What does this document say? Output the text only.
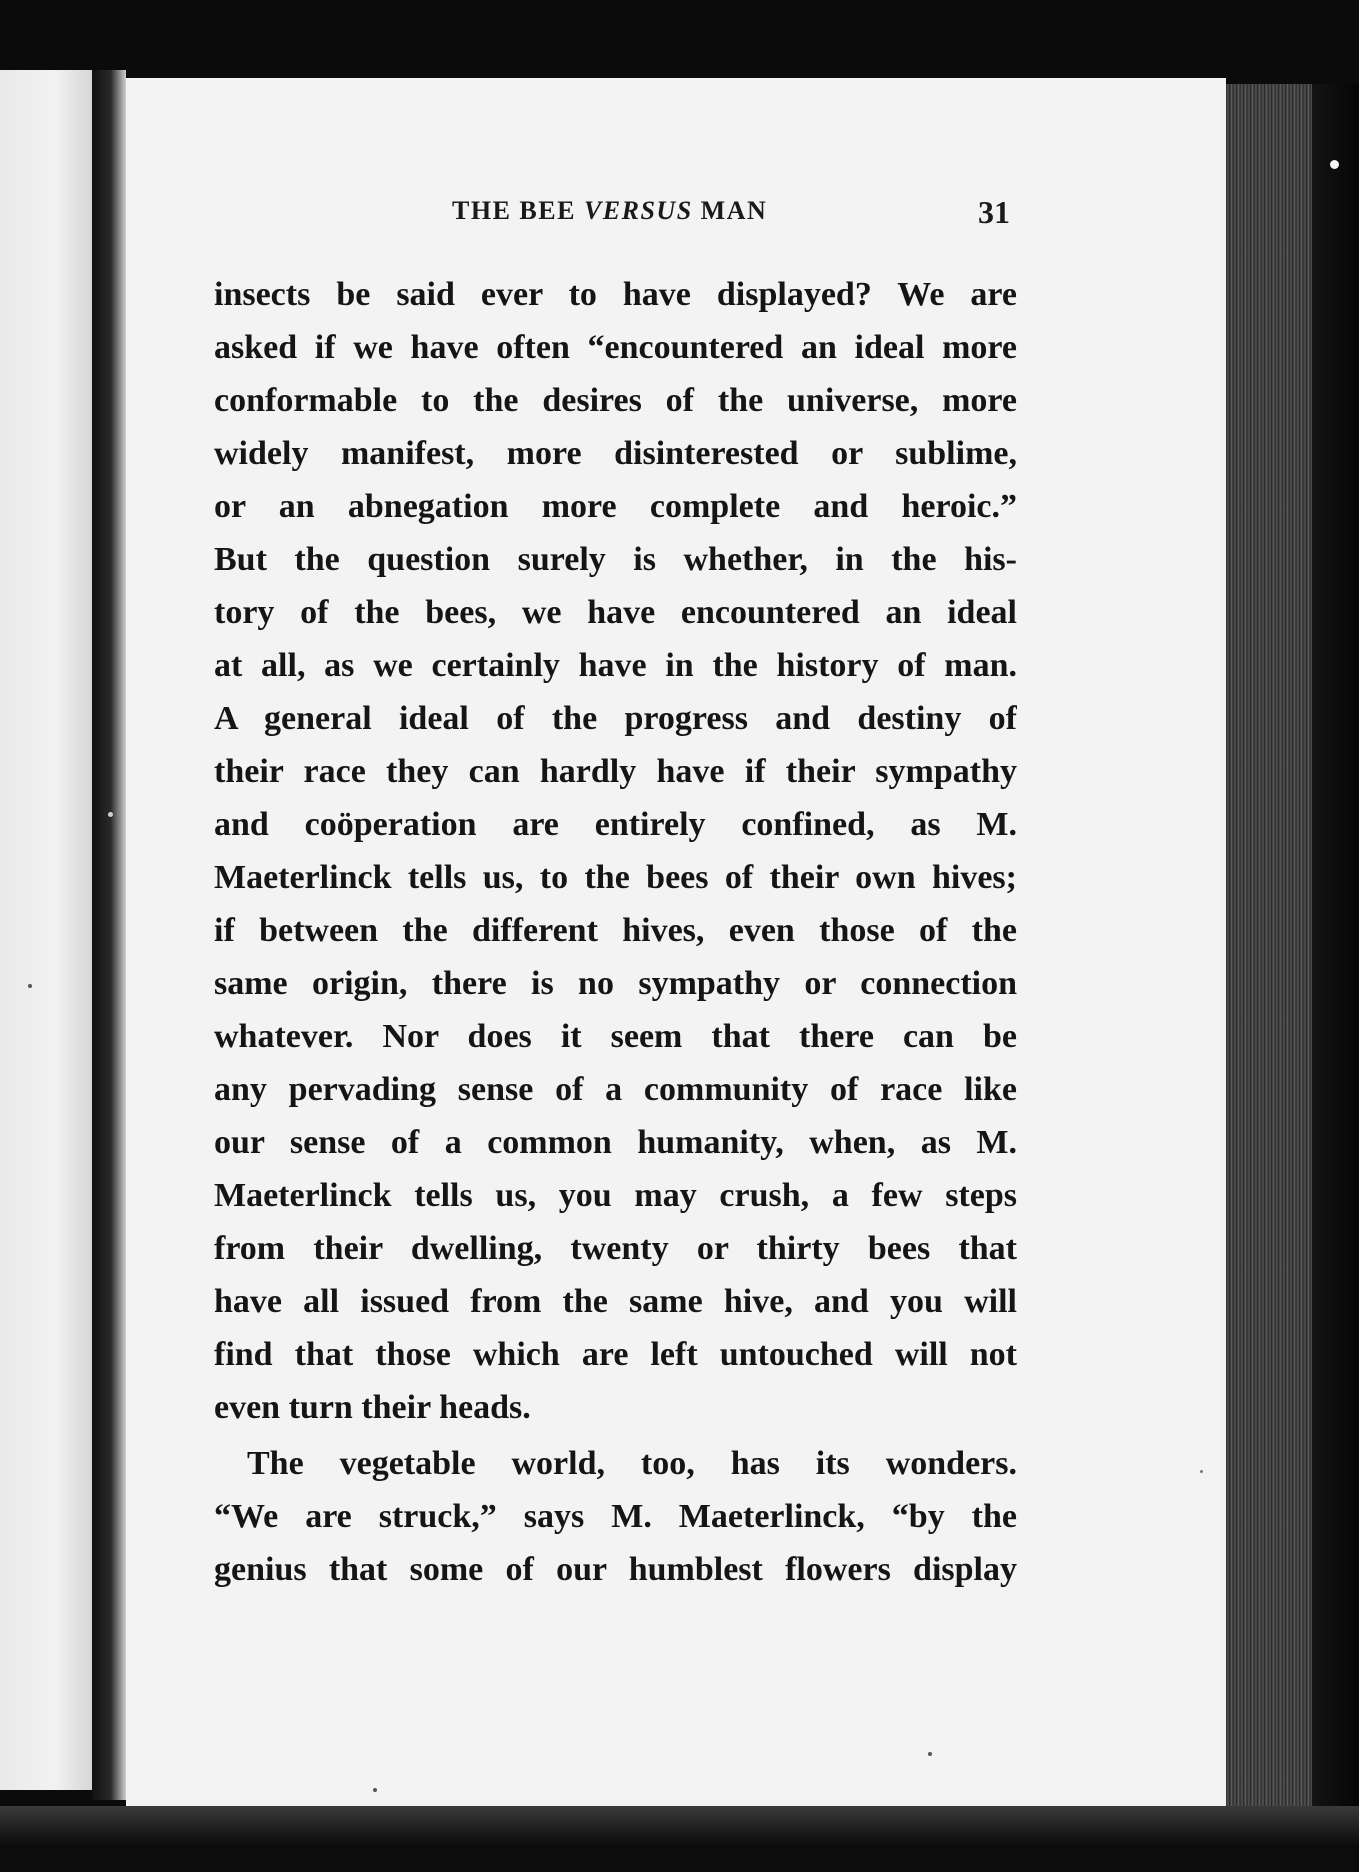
THE BEE VERSUS MAN	31
insects be said ever to have displayed? We are
asked if we have often “encountered an ideal more
conformable to the desires of the universe, more
widely manifest, more disinterested or sublime,
or an abnegation more complete and heroic.”
But the question surely is whether, in the his-
tory of the bees, we have encountered an ideal
at all, as we certainly have in the history of man.
A general ideal of the progress and destiny of
their race they can hardly have if their sympathy
and coöperation are entirely confined, as M.
Maeterlinck tells us, to the bees of their own hives;
if between the different hives, even those of the
same origin, there is no sympathy or connection
whatever. Nor does it seem that there can be
any pervading sense of a community of race like
our sense of a common humanity, when, as M.
Maeterlinck tells us, you may crush, a few steps
from their dwelling, twenty or thirty bees that
have all issued from the same hive, and you will
find that those which are left untouched will not
even turn their heads.
The vegetable world, too, has its wonders.
“We are struck,” says M. Maeterlinck, “by the
genius that some of our humblest flowers display
